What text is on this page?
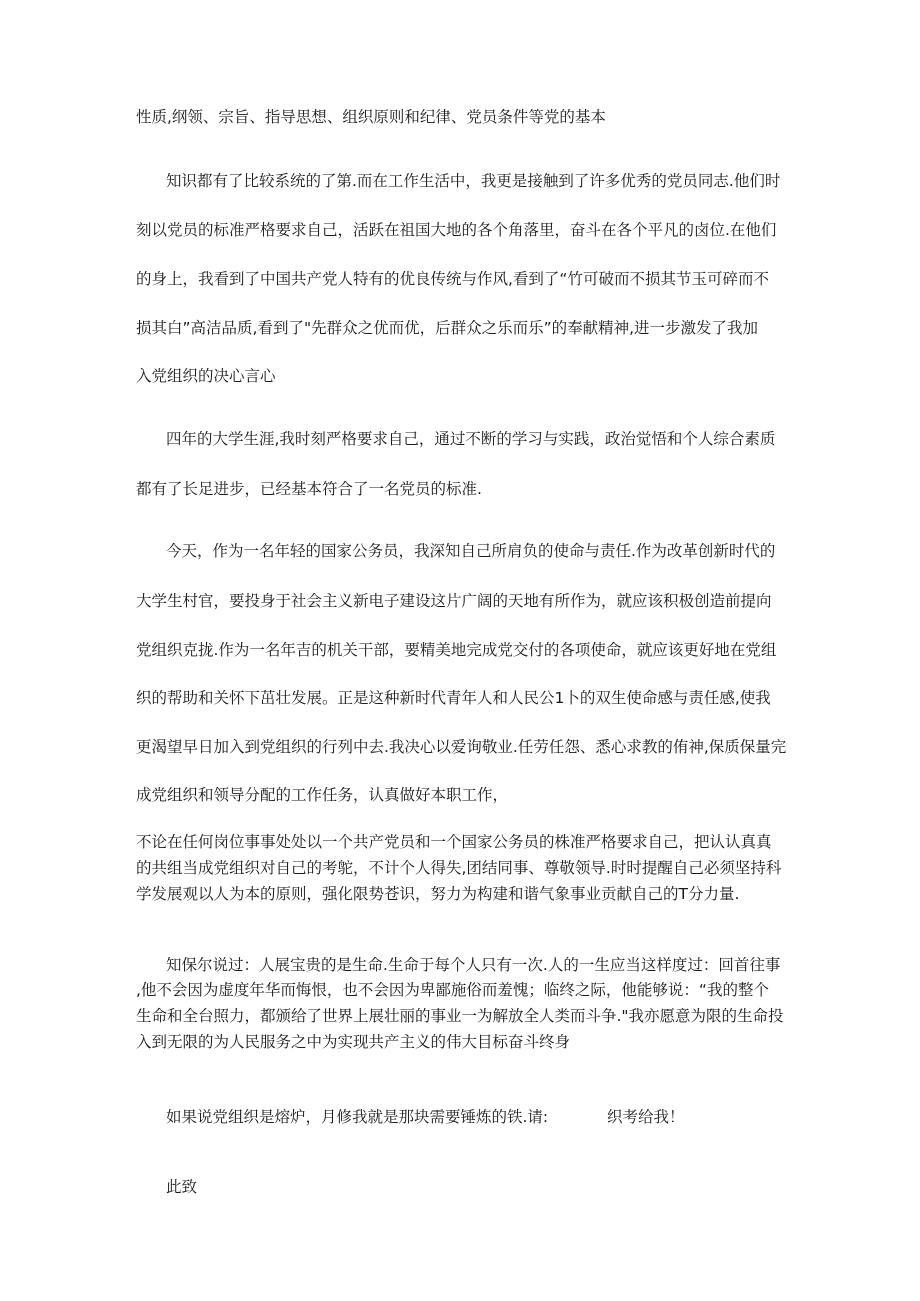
性质,纲领、宗旨、指导思想、组织原则和纪律、党员条件等党的基本
知识都有了比较系统的了第.而在工作生活中，我更是接触到了许多优秀的党员同志.他们时
刻以党员的标准严格要求自己，活跃在祖国大地的各个角落里，奋斗在各个平凡的卤位.在他们
的身上，我看到了中国共产党人特有的优良传统与作风,看到了“竹可破而不损其节玉可碎而不
损其白”高洁品质,看到了"先群众之优而优，后群众之乐而乐”的奉献精神,进一步激发了我加
入党组织的决心言心
四年的大学生涯,我时刻严格要求自己，通过不断的学习与实践，政治觉悟和个人综合素质
都有了长足进步，已经基本符合了一名党员的标准.
今天，作为一名年轻的国家公务员，我深知自己所肩负的使命与责任.作为改革创新时代的
大学生村官，要投身于社会主义新电子建设这片广阔的天地有所作为，就应该积极创造前提向
党组织克拢.作为一名年吉的机关干部，要精美地完成党交付的各项使命，就应该更好地在党组
织的帮助和关怀下茁壮发展。正是这种新时代青年人和人民公1卜的双生使命感与责任感,使我
更渴望早日加入到党组织的行列中去.我决心以爱询敬业.任劳任怨、悉心求教的侑神,保质保量完
成党组织和领导分配的工作任务，认真做好本职工作，
不论在任何岗位事事处处以一个共产党员和一个国家公务员的株准严格要求自己，把认认真真
的共组当成党组织对自己的考鸵，不计个人得失,团结同事、尊敬领导.时时提醒自己必须坚持科
学发展观以人为本的原则，强化限势苍识，努力为构建和谐气象事业贡献自己的T分力量.
知保尔说过：人展宝贵的是生命.生命于每个人只有一次.人的一生应当这样度过：回首往事
,他不会因为虚度年华而悔恨，也不会因为卑鄙施俗而羞愧；临终之际，他能够说：“我的整个
生命和全台照力，都颁给了世界上展壮丽的事业一为解放全人类而斗争."我亦愿意为限的生命投
入到无限的为人民服务之中为实现共产主义的伟大目标奋斗终身
如果说党组织是熔炉，月修我就是那块需要锤炼的铁.请:	织考给我！
此致
